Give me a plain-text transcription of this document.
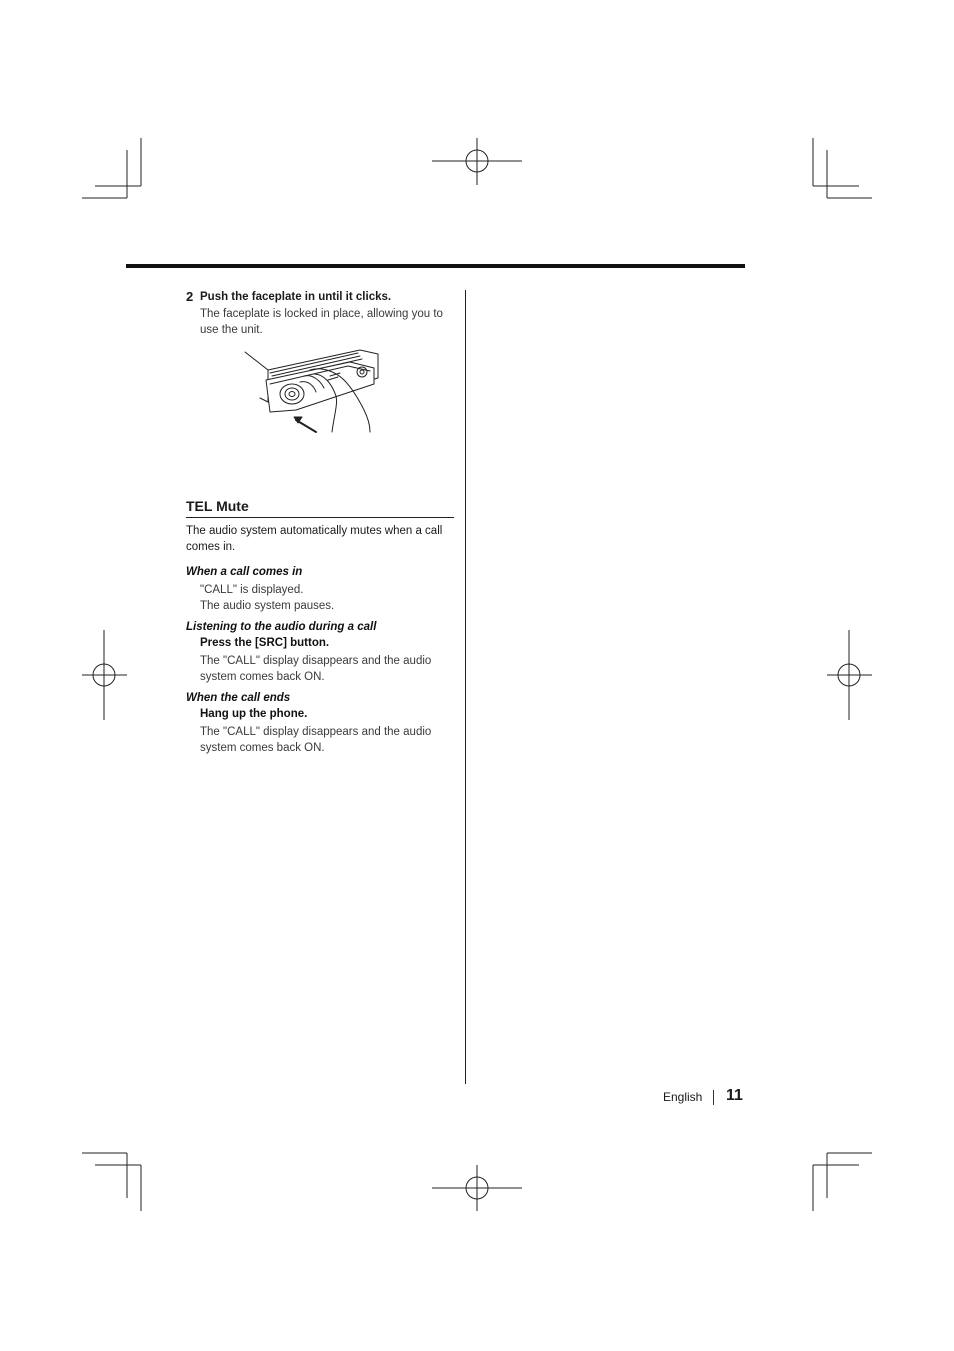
2 Push the faceplate in until it clicks.
The faceplate is locked in place, allowing you to use the unit.
TEL Mute
The audio system automatically mutes when a call comes in.
When a call comes in
"CALL" is displayed.
The audio system pauses.
Listening to the audio during a call
Press the [SRC] button.
The "CALL" display disappears and the audio system comes back ON.
When the call ends
Hang up the phone.
The "CALL" display disappears and the audio system comes back ON.
English 11
